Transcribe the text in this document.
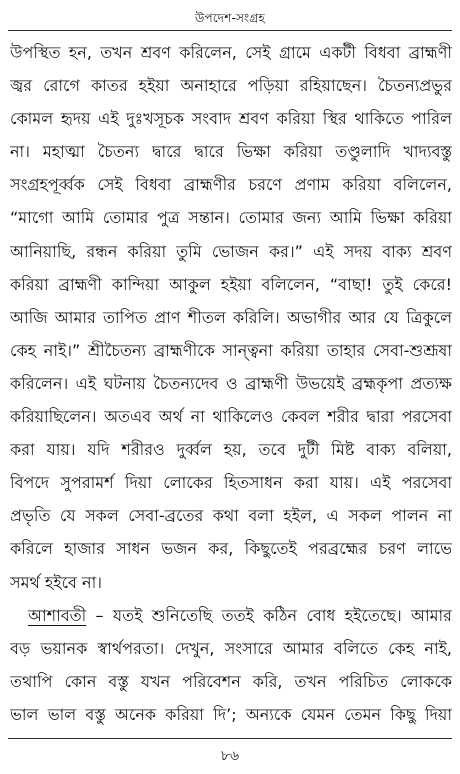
উপদেশ-সংগ্রহ
উপস্থিত হন, তখন শ্রবণ করিলেন, সেই গ্রামে একটী বিধবা ব্রাহ্মণী
জ্বর রোগে কাতর হইয়া অনাহারে পড়িয়া রহিয়াছেন। চৈতন্যপ্রভুর
কোমল হৃদয় এই দুঃখসূচক সংবাদ শ্রবণ করিয়া স্থির থাকিতে পারিল
না। মহাত্মা চৈতন্য দ্বারে দ্বারে ভিক্ষা করিয়া তণ্ডুলাদি খাদ্যবস্তু
সংগ্রহপূর্ব্বক সেই বিধবা ব্রাহ্মণীর চরণে প্রণাম করিয়া বলিলেন,
“মাগো আমি তোমার পুত্র সন্তান। তোমার জন্য আমি ভিক্ষা করিয়া
আনিয়াছি, রন্ধন করিয়া তুমি ভোজন কর।” এই সদয় বাক্য শ্রবণ
করিয়া ব্রাহ্মণী কান্দিয়া আকুল হইয়া বলিলেন, “বাছা! তুই কেরে!
আজি আমার তাপিত প্রাণ শীতল করিলি। অভাগীর আর যে ত্রিকুলে
কেহ নাই।” শ্রীচৈতন্য ব্রাহ্মণীকে সান্ত্বনা করিয়া তাহার সেবা-শুশ্রূষা
করিলেন। এই ঘটনায় চৈতন্যদেব ও ব্রাহ্মণী উভয়েই ব্রহ্মকৃপা প্রত্যক্ষ
করিয়াছিলেন। অতএব অর্থ না থাকিলেও কেবল শরীর দ্বারা পরসেবা
করা যায়। যদি শরীরও দুর্ব্বল হয়, তবে দুটী মিষ্ট বাক্য বলিয়া,
বিপদে সুপরামর্শ দিয়া লোকের হিতসাধন করা যায়। এই পরসেবা
প্রভৃতি যে সকল সেবা-ব্রতের কথা বলা হইল, এ সকল পালন না
করিলে হাজার সাধন ভজন কর, কিছুতেই পরব্রহ্মের চরণ লাভে
সমর্থ হইবে না।
আশাবতী – যতই শুনিতেছি ততই কঠিন বোধ হইতেছে। আমার
বড় ভয়ানক স্বার্থপরতা। দেখুন, সংসারে আমার বলিতে কেহ নাই,
তথাপি কোন বস্তু যখন পরিবেশন করি, তখন পরিচিত লোককে
ভাল ভাল বস্তু অনেক করিয়া দি’; অন্যকে যেমন তেমন কিছু দিয়া
৮৬
